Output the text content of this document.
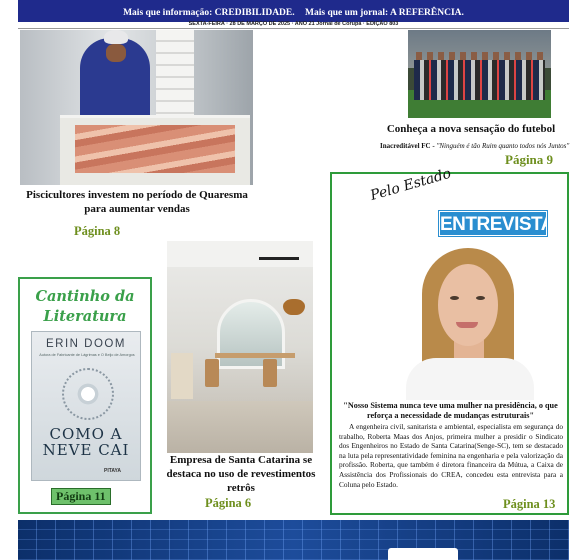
Mais que informação: CREDIBILIDADE. Mais que um jornal: A REFERÊNCIA.
SEXTA-FEIRA · 28 DE MARÇO DE 2025 · ANO 21 Jornal de Corupá · EDIÇÃO 803
Piscicultores investem no período de Quaresma para aumentar vendas
Página 8
Conheça a nova sensação do futebol
Inacreditável FC - "Ninguém é tão Ruim quanto todos nós Juntos"
Página 9
Pelo Estado
ENTREVISTA
"Nosso Sistema nunca teve uma mulher na presidência, o que reforça a necessidade de mudanças estruturais"
A engenheira civil, sanitarista e ambiental, especialista em segurança do trabalho, Roberta Maas dos Anjos, primeira mulher a presidir o Sindicato dos Engenheiros no Estado de Santa Catarina(Senge-SC), tem se destacado na luta pela representatividade feminina na engenharia e pela valorização da profissão. Roberta, que também é diretora financeira da Mútua, a Caixa de Assistência dos Profissionais do CREA, concedeu esta entrevista para a Coluna pelo Estado.
Página 13
Cantinho da Literatura
ERIN DOOM
Autora de Fabricante de Lágrimas e O Beijo de Amorgos
COMO A NEVE CAI
PITAYA
Página 11
Empresa de Santa Catarina se destaca no uso de revestimentos retrôs
Página 6
